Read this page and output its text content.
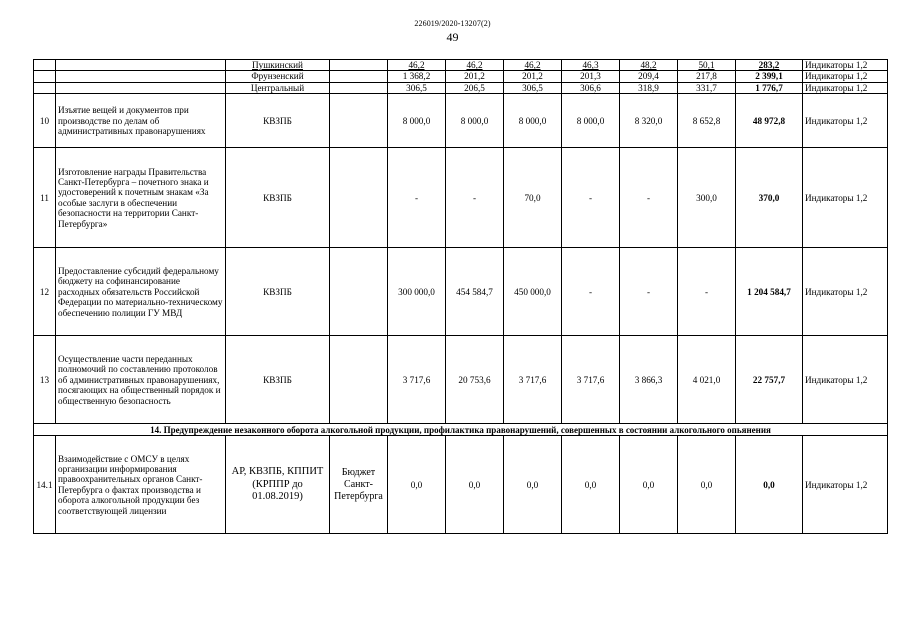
226019/2020-13207(2)
49
		Пушкинский		46,2	46,2	46,2	46,3	48,2	50,1	283,2	Индикаторы 1,2
		Фрунзенский		1 368,2	201,2	201,2	201,3	209,4	217,8	2 399,1	Индикаторы 1,2
		Центральный		306,5	206,5	306,5	306,6	318,9	331,7	1 776,7	Индикаторы 1,2
10	Изъятие вещей и документов при производстве по делам об административных правонарушениях	КВЗПБ		8 000,0	8 000,0	8 000,0	8 000,0	8 320,0	8 652,8	48 972,8	Индикаторы 1,2
11	Изготовление награды Правительства Санкт-Петербурга – почетного знака и удостоверений к почетным знакам «За особые заслуги в обеспечении безопасности на территории Санкт-Петербурга»	КВЗПБ		-	-	70,0	-	-	300,0	370,0	Индикаторы 1,2
12	Предоставление субсидий федеральному бюджету на софинансирование расходных обязательств Российской Федерации по материально-техническому обеспечению полиции ГУ МВД	КВЗПБ		300 000,0	454 584,7	450 000,0	-	-	-	1 204 584,7	Индикаторы 1,2
13	Осуществление части переданных полномочий по составлению протоколов об административных правонарушениях, посягающих на общественный порядок и общественную безопасность	КВЗПБ		3 717,6	20 753,6	3 717,6	3 717,6	3 866,3	4 021,0	22 757,7	Индикаторы 1,2
14. Предупреждение незаконного оборота алкогольной продукции, профилактика правонарушений, совершенных в состоянии алкогольного опьянения											
14.1	Взаимодействие с ОМСУ в целях организации информирования правоохранительных органов Санкт-Петербурга о фактах производства и оборота алкогольной продукции без соответствующей лицензии	АР, КВЗПБ, КППИТ (КРППР до 01.08.2019)	Бюджет Санкт-Петербурга	0,0	0,0	0,0	0,0	0,0	0,0	0,0	Индикаторы 1,2
